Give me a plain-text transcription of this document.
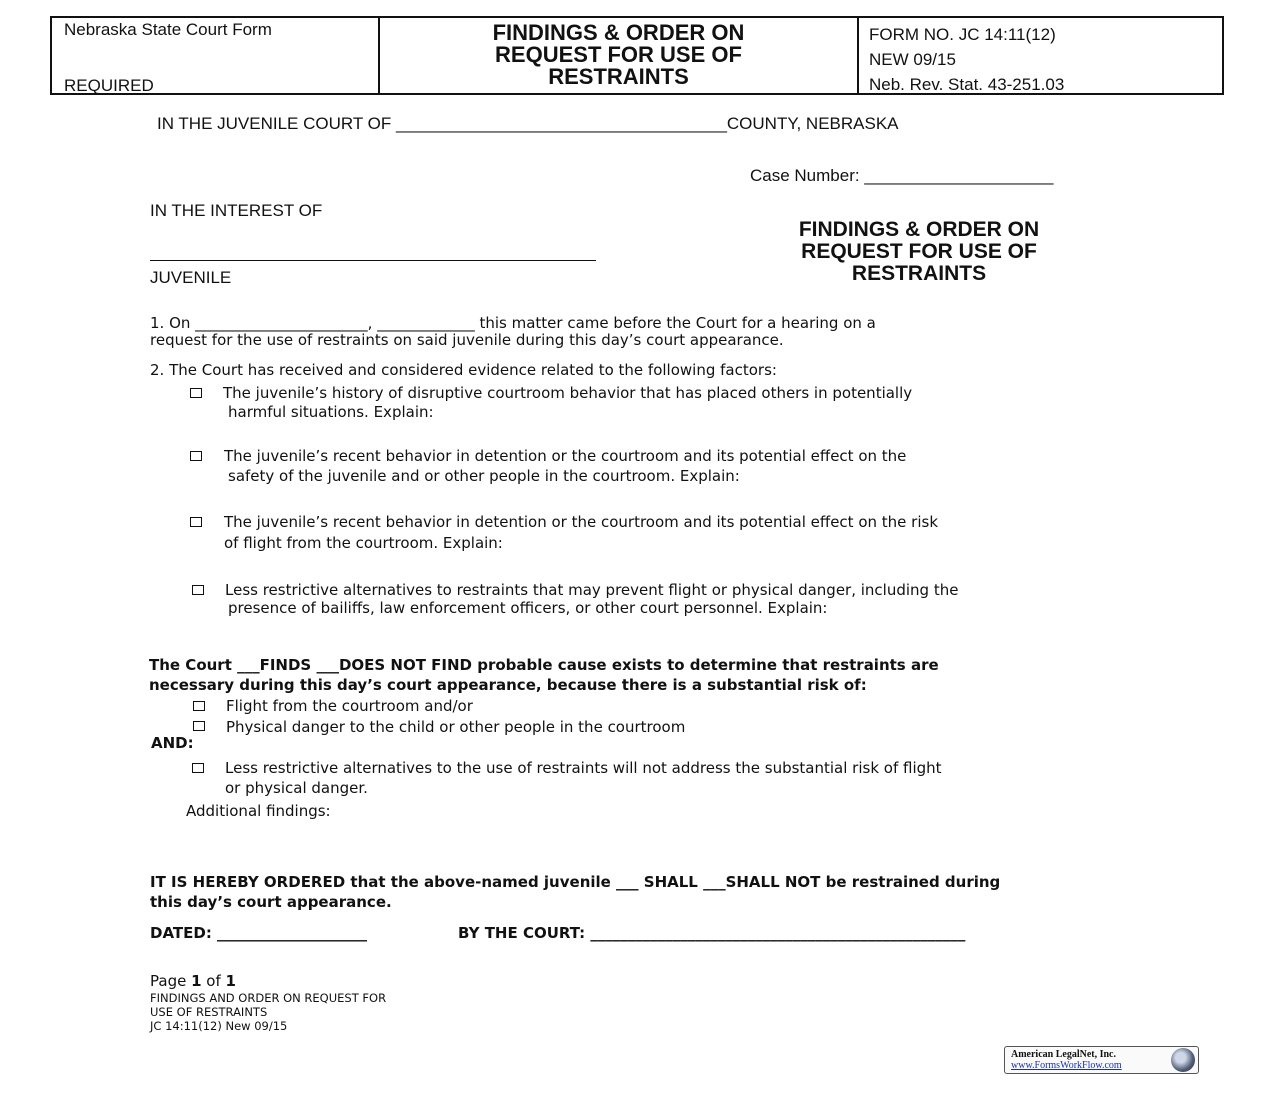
Nebraska State Court Form
REQUIRED
FINDINGS & ORDER ON
REQUEST FOR USE OF
RESTRAINTS
FORM NO. JC 14:11(12)
NEW 09/15
Neb. Rev. Stat. 43-251.03
IN THE JUVENILE COURT OF ___________________________________COUNTY, NEBRASKA
Case Number: ____________________
IN THE INTEREST OF
JUVENILE
FINDINGS & ORDER ON
REQUEST FOR USE OF
RESTRAINTS
1. On _______________________, _____________ this matter came before the Court for a hearing on a
request for the use of restraints on said juvenile during this day’s court appearance.
2. The Court has received and considered evidence related to the following factors:
The juvenile’s history of disruptive courtroom behavior that has placed others in potentially
harmful situations. Explain:
The juvenile’s recent behavior in detention or the courtroom and its potential effect on the
safety of the juvenile and or other people in the courtroom. Explain:
The juvenile’s recent behavior in detention or the courtroom and its potential effect on the risk
of flight from the courtroom. Explain:
Less restrictive alternatives to restraints that may prevent flight or physical danger, including the
presence of bailiffs, law enforcement officers, or other court personnel. Explain:
The Court ___FINDS ___DOES NOT FIND probable cause exists to determine that restraints are
necessary during this day’s court appearance, because there is a substantial risk of:
Flight from the courtroom and/or
Physical danger to the child or other people in the courtroom
AND:
Less restrictive alternatives to the use of restraints will not address the substantial risk of flight
or physical danger.
Additional findings:
IT IS HEREBY ORDERED that the above-named juvenile ___ SHALL ___SHALL NOT be restrained during
this day’s court appearance.
DATED: ____________________	BY THE COURT: __________________________________________________
Page 1 of 1
FINDINGS AND ORDER ON REQUEST FOR
USE OF RESTRAINTS
JC 14:11(12) New 09/15
American LegalNet, Inc.
www.FormsWorkFlow.com
